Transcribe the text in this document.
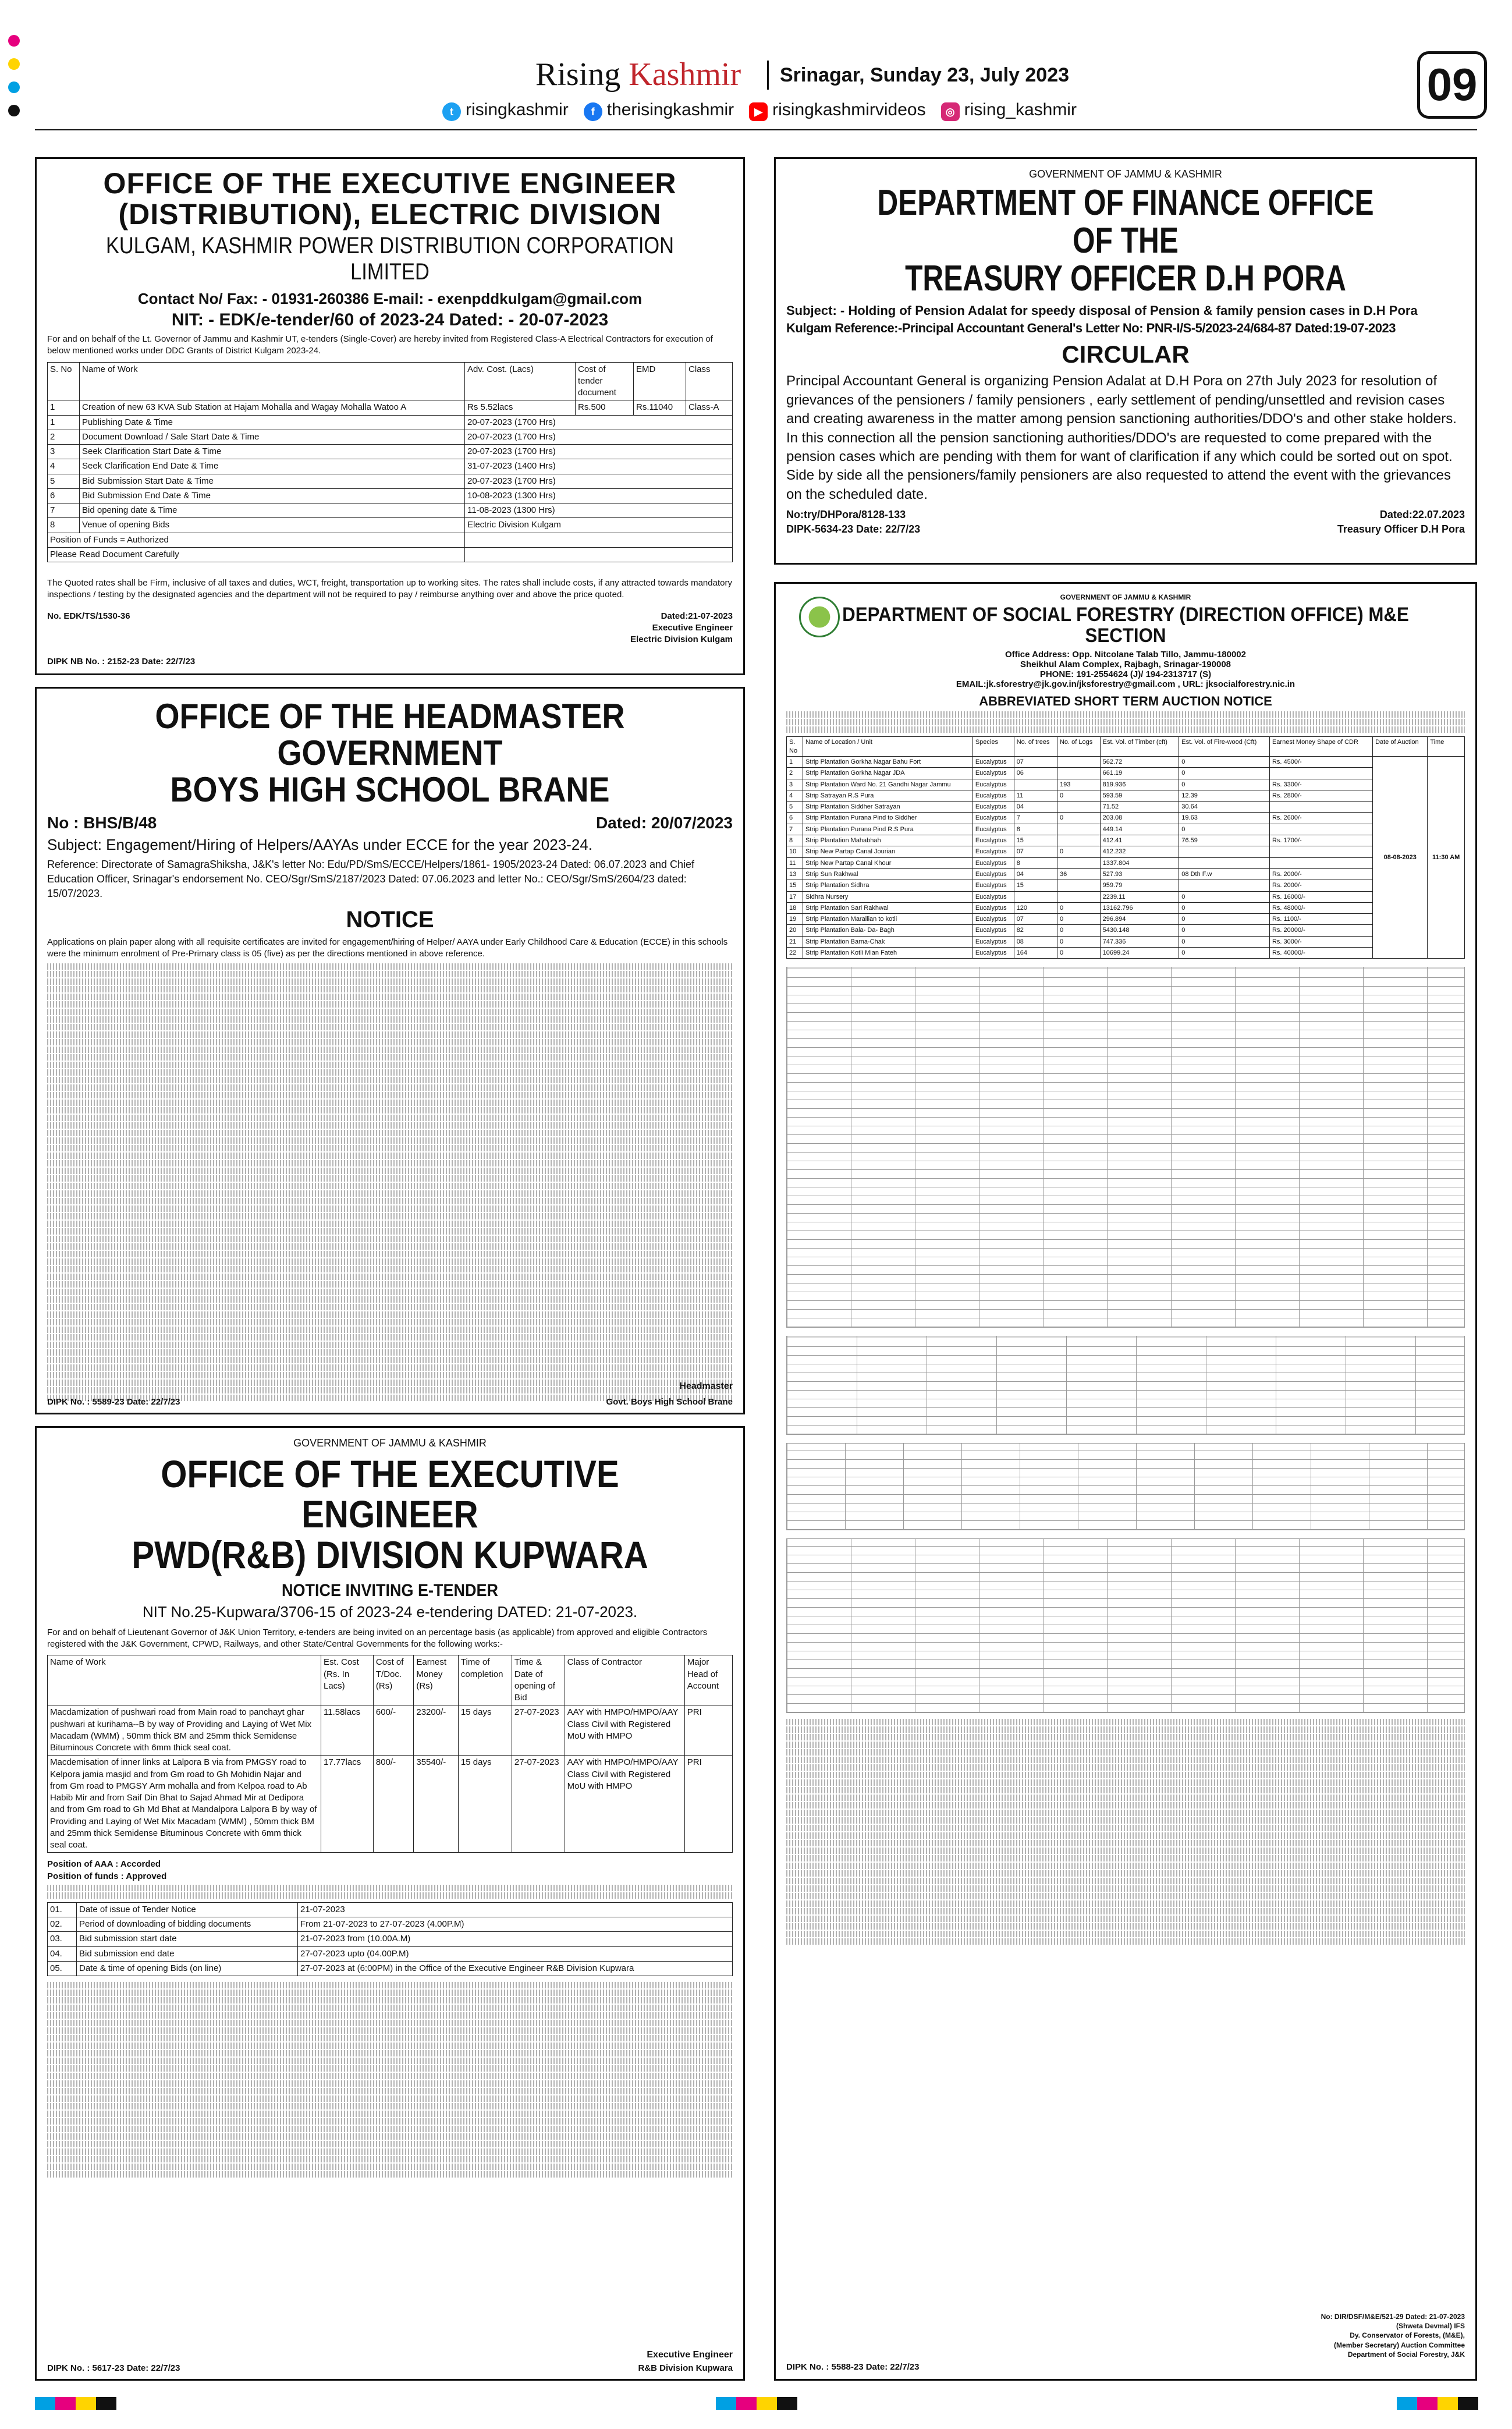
Rising Kashmir Srinagar, Sunday 23, July 2023	09
t risingkashmir	f therisingkashmir	▶ risingkashmirvideos	◎ rising_kashmir
OFFICE OF THE EXECUTIVE ENGINEER
(DISTRIBUTION), ELECTRIC DIVISION
KULGAM, KASHMIR POWER DISTRIBUTION CORPORATION LIMITED
Contact No/ Fax: - 01931-260386 E-mail: - exenpddkulgam@gmail.com
NIT: - EDK/e-tender/60 of 2023-24 Dated: - 20-07-2023
For and on behalf of the Lt. Governor of Jammu and Kashmir UT, e-tenders (Single-Cover) are hereby invited from Registered Class-A Electrical Contractors for execution of below mentioned works under DDC Grants of District Kulgam 2023-24.
S. No	Name of Work	Adv. Cost. (Lacs)	Cost of tender document	EMD	Class
1	Creation of new 63 KVA Sub Station at Hajam Mohalla and Wagay Mohalla Watoo A	Rs 5.52lacs	Rs.500	Rs.11040	Class-A
1	Publishing Date & Time	20-07-2023 (1700 Hrs)			
2	Document Download / Sale Start Date & Time	20-07-2023 (1700 Hrs)			
3	Seek Clarification Start Date & Time	20-07-2023 (1700 Hrs)			
4	Seek Clarification End Date & Time	31-07-2023 (1400 Hrs)			
5	Bid Submission Start Date & Time	20-07-2023 (1700 Hrs)			
6	Bid Submission End Date & Time	10-08-2023 (1300 Hrs)			
7	Bid opening date & Time	11-08-2023 (1300 Hrs)			
8	Venue of opening Bids	Electric Division Kulgam			
Position of Funds = Authorized					
Please Read Document Carefully					
The Quoted rates shall be Firm, inclusive of all taxes and duties, WCT, freight, transportation up to working sites. The rates shall include costs, if any attracted towards mandatory inspections / testing by the designated agencies and the department will not be required to pay / reimburse anything over and above the price quoted.
No. EDK/TS/1530-36	Dated:21-07-2023
Executive Engineer
Electric Division Kulgam
DIPK NB No. : 2152-23 Date: 22/7/23
OFFICE OF THE HEADMASTER GOVERNMENT
BOYS HIGH SCHOOL BRANE
No : BHS/B/48	Dated: 20/07/2023
Subject: Engagement/Hiring of Helpers/AAYAs under ECCE for the year 2023-24.
Reference: Directorate of SamagraShiksha, J&K's letter No: Edu/PD/SmS/ECCE/Helpers/1861- 1905/2023-24 Dated: 06.07.2023 and Chief Education Officer, Srinagar's endorsement No. CEO/Sgr/SmS/2187/2023 Dated: 07.06.2023 and letter No.: CEO/Sgr/SmS/2604/23 dated: 15/07/2023.
NOTICE
Applications on plain paper along with all requisite certificates are invited for engagement/hiring of Helper/ AAYA under Early Childhood Care & Education (ECCE) in this schools were the minimum enrolment of Pre-Primary class is 05 (five) as per the directions mentioned in above reference.
Headmaster
DIPK No. : 5589-23 Date: 22/7/23	Govt. Boys High School Brane
GOVERNMENT OF JAMMU & KASHMIR
OFFICE OF THE EXECUTIVE ENGINEER
PWD(R&B) DIVISION KUPWARA
NOTICE INVITING E-TENDER
NIT No.25-Kupwara/3706-15 of 2023-24 e-tendering DATED: 21-07-2023.
For and on behalf of Lieutenant Governor of J&K Union Territory, e-tenders are being invited on an percentage basis (as applicable) from approved and eligible Contractors registered with the J&K Government, CPWD, Railways, and other State/Central Governments for the following works:-
Name of Work	Est. Cost (Rs. In Lacs)	Cost of T/Doc. (Rs)	Earnest Money (Rs)	Time of completion	Time & Date of opening of Bid	Class of Contractor	Major Head of Account
Macdamization of pushwari road from Main road to panchayt ghar pushwari at kurihama--B by way of Providing and Laying of Wet Mix Macadam (WMM) , 50mm thick BM and 25mm thick Semidense Bituminous Concrete with 6mm thick seal coat.	11.58lacs	600/-	23200/-	15 days	27-07-2023	AAY with HMPO/HMPO/AAY Class Civil with Registered MoU with HMPO	PRI
Macdemisation of inner links at Lalpora B via from PMGSY road to Kelpora jamia masjid and from Gm road to Gh Mohidin Najar and from Gm road to PMGSY Arm mohalla and from Kelpoa road to Ab Habib Mir and from Saif Din Bhat to Sajad Ahmad Mir at Dedipora and from Gm road to Gh Md Bhat at Mandalpora Lalpora B by way of Providing and Laying of Wet Mix Macadam (WMM) , 50mm thick BM and 25mm thick Semidense Bituminous Concrete with 6mm thick seal coat.	17.77lacs	800/-	35540/-	15 days	27-07-2023	AAY with HMPO/HMPO/AAY Class Civil with Registered MoU with HMPO	PRI
Position of AAA : Accorded
Position of funds : Approved
01.	Date of issue of Tender Notice	21-07-2023
02.	Period of downloading of bidding documents	From 21-07-2023 to 27-07-2023 (4.00P.M)
03.	Bid submission start date	21-07-2023 from (10.00A.M)
04.	Bid submission end date	27-07-2023 upto (04.00P.M)
05.	Date & time of opening Bids (on line)	27-07-2023 at (6:00PM) in the Office of the Executive Engineer R&B Division Kupwara
Executive Engineer
DIPK No. : 5617-23 Date: 22/7/23	R&B Division Kupwara
GOVERNMENT OF JAMMU & KASHMIR
DEPARTMENT OF FINANCE OFFICE OF THE
TREASURY OFFICER D.H PORA
Subject: - Holding of Pension Adalat for speedy disposal of Pension & family pension cases in D.H Pora
Kulgam Reference:-Principal Accountant General's Letter No: PNR-I/S-5/2023-24/684-87 Dated:19-07-2023
CIRCULAR
Principal Accountant General is organizing Pension Adalat at D.H Pora on 27th July 2023 for resolution of grievances of the pensioners / family pensioners , early settlement of pending/unsettled and revision cases and creating awareness in the matter among pension sanctioning authorities/DDO's and other stake holders. In this connection all the pension sanctioning authorities/DDO's are requested to come prepared with the pension cases which are pending with them for want of clarification if any which could be sorted out on spot. Side by side all the pensioners/family pensioners are also requested to attend the event with the grievances on the scheduled date.
No:try/DHPora/8128-133	Dated:22.07.2023
DIPK-5634-23 Date: 22/7/23	Treasury Officer D.H Pora
GOVERNMENT OF JAMMU & KASHMIR
DEPARTMENT OF SOCIAL FORESTRY (DIRECTION OFFICE) M&E SECTION
Office Address: Opp. Nitcolane Talab Tillo, Jammu-180002
Sheikhul Alam Complex, Rajbagh, Srinagar-190008
PHONE: 191-2554624 (J)/ 194-2313717 (S)
EMAIL:jk.sforestry@jk.gov.in/jksforestry@gmail.com , URL: jksocialforestry.nic.in
ABBREVIATED SHORT TERM AUCTION NOTICE
S. No	Name of Location / Unit	Species	No. of trees	No. of Logs	Est. Vol. of Timber (cft)	Est. Vol. of Fire-wood (Cft)	Earnest Money Shape of CDR	Date of Auction	Time
1	Strip Plantation Gorkha Nagar Bahu Fort	Eucalyptus	07		562.72	0	Rs. 4500/-	08-08-2023	11:30 AM
2	Strip Plantation Gorkha Nagar JDA	Eucalyptus	06		661.19	0			
3	Strip Plantation Ward No. 21 Gandhi Nagar Jammu	Eucalyptus		193	819.936	0	Rs. 3300/-		
4	Strip Satrayan R.S Pura	Eucalyptus	11	0	593.59	12.39	Rs. 2800/-		
5	Strip Plantation Siddher Satrayan	Eucalyptus	04		71.52	30.64			
6	Strip Plantation Purana Pind to Siddher	Eucalyptus	7	0	203.08	19.63	Rs. 2600/-		
7	Strip Plantation Purana Pind R.S Pura	Eucalyptus	8		449.14	0			
8	Strip Plantation Mahabhah	Eucalyptus	15		412.41	76.59	Rs. 1700/-		
10	Strip New Partap Canal Jourian	Eucalyptus	07	0	412.232				
11	Strip New Partap Canal Khour	Eucalyptus	8		1337.804				
13	Strip Sun Rakhwal	Eucalyptus	04	36	527.93	08 Dth F.w	Rs. 2000/-		
15	Strip Plantation Sidhra	Eucalyptus	15		959.79		Rs. 2000/-		
17	Sidhra Nursery	Eucalyptus			2239.11	0	Rs. 16000/-		
18	Strip Plantation Sari Rakhwal	Eucalyptus	120	0	13162.796	0	Rs. 48000/-		
19	Strip Plantation Marallian to kotli	Eucalyptus	07	0	296.894	0	Rs. 1100/-		
20	Strip Plantation Bala- Da- Bagh	Eucalyptus	82	0	5430.148	0	Rs. 20000/-		
21	Strip Plantation Barna-Chak	Eucalyptus	08	0	747.336	0	Rs. 3000/-		
22	Strip Plantation Kotli Mian Fateh	Eucalyptus	164	0	10699.24	0	Rs. 40000/-		
No: DIR/DSF/M&E/521-29 Dated: 21-07-2023
(Shweta Devmal) IFS
Dy. Conservator of Forests, (M&E),
(Member Secretary) Auction Committee
Department of Social Forestry, J&K
DIPK No. : 5588-23 Date: 22/7/23
